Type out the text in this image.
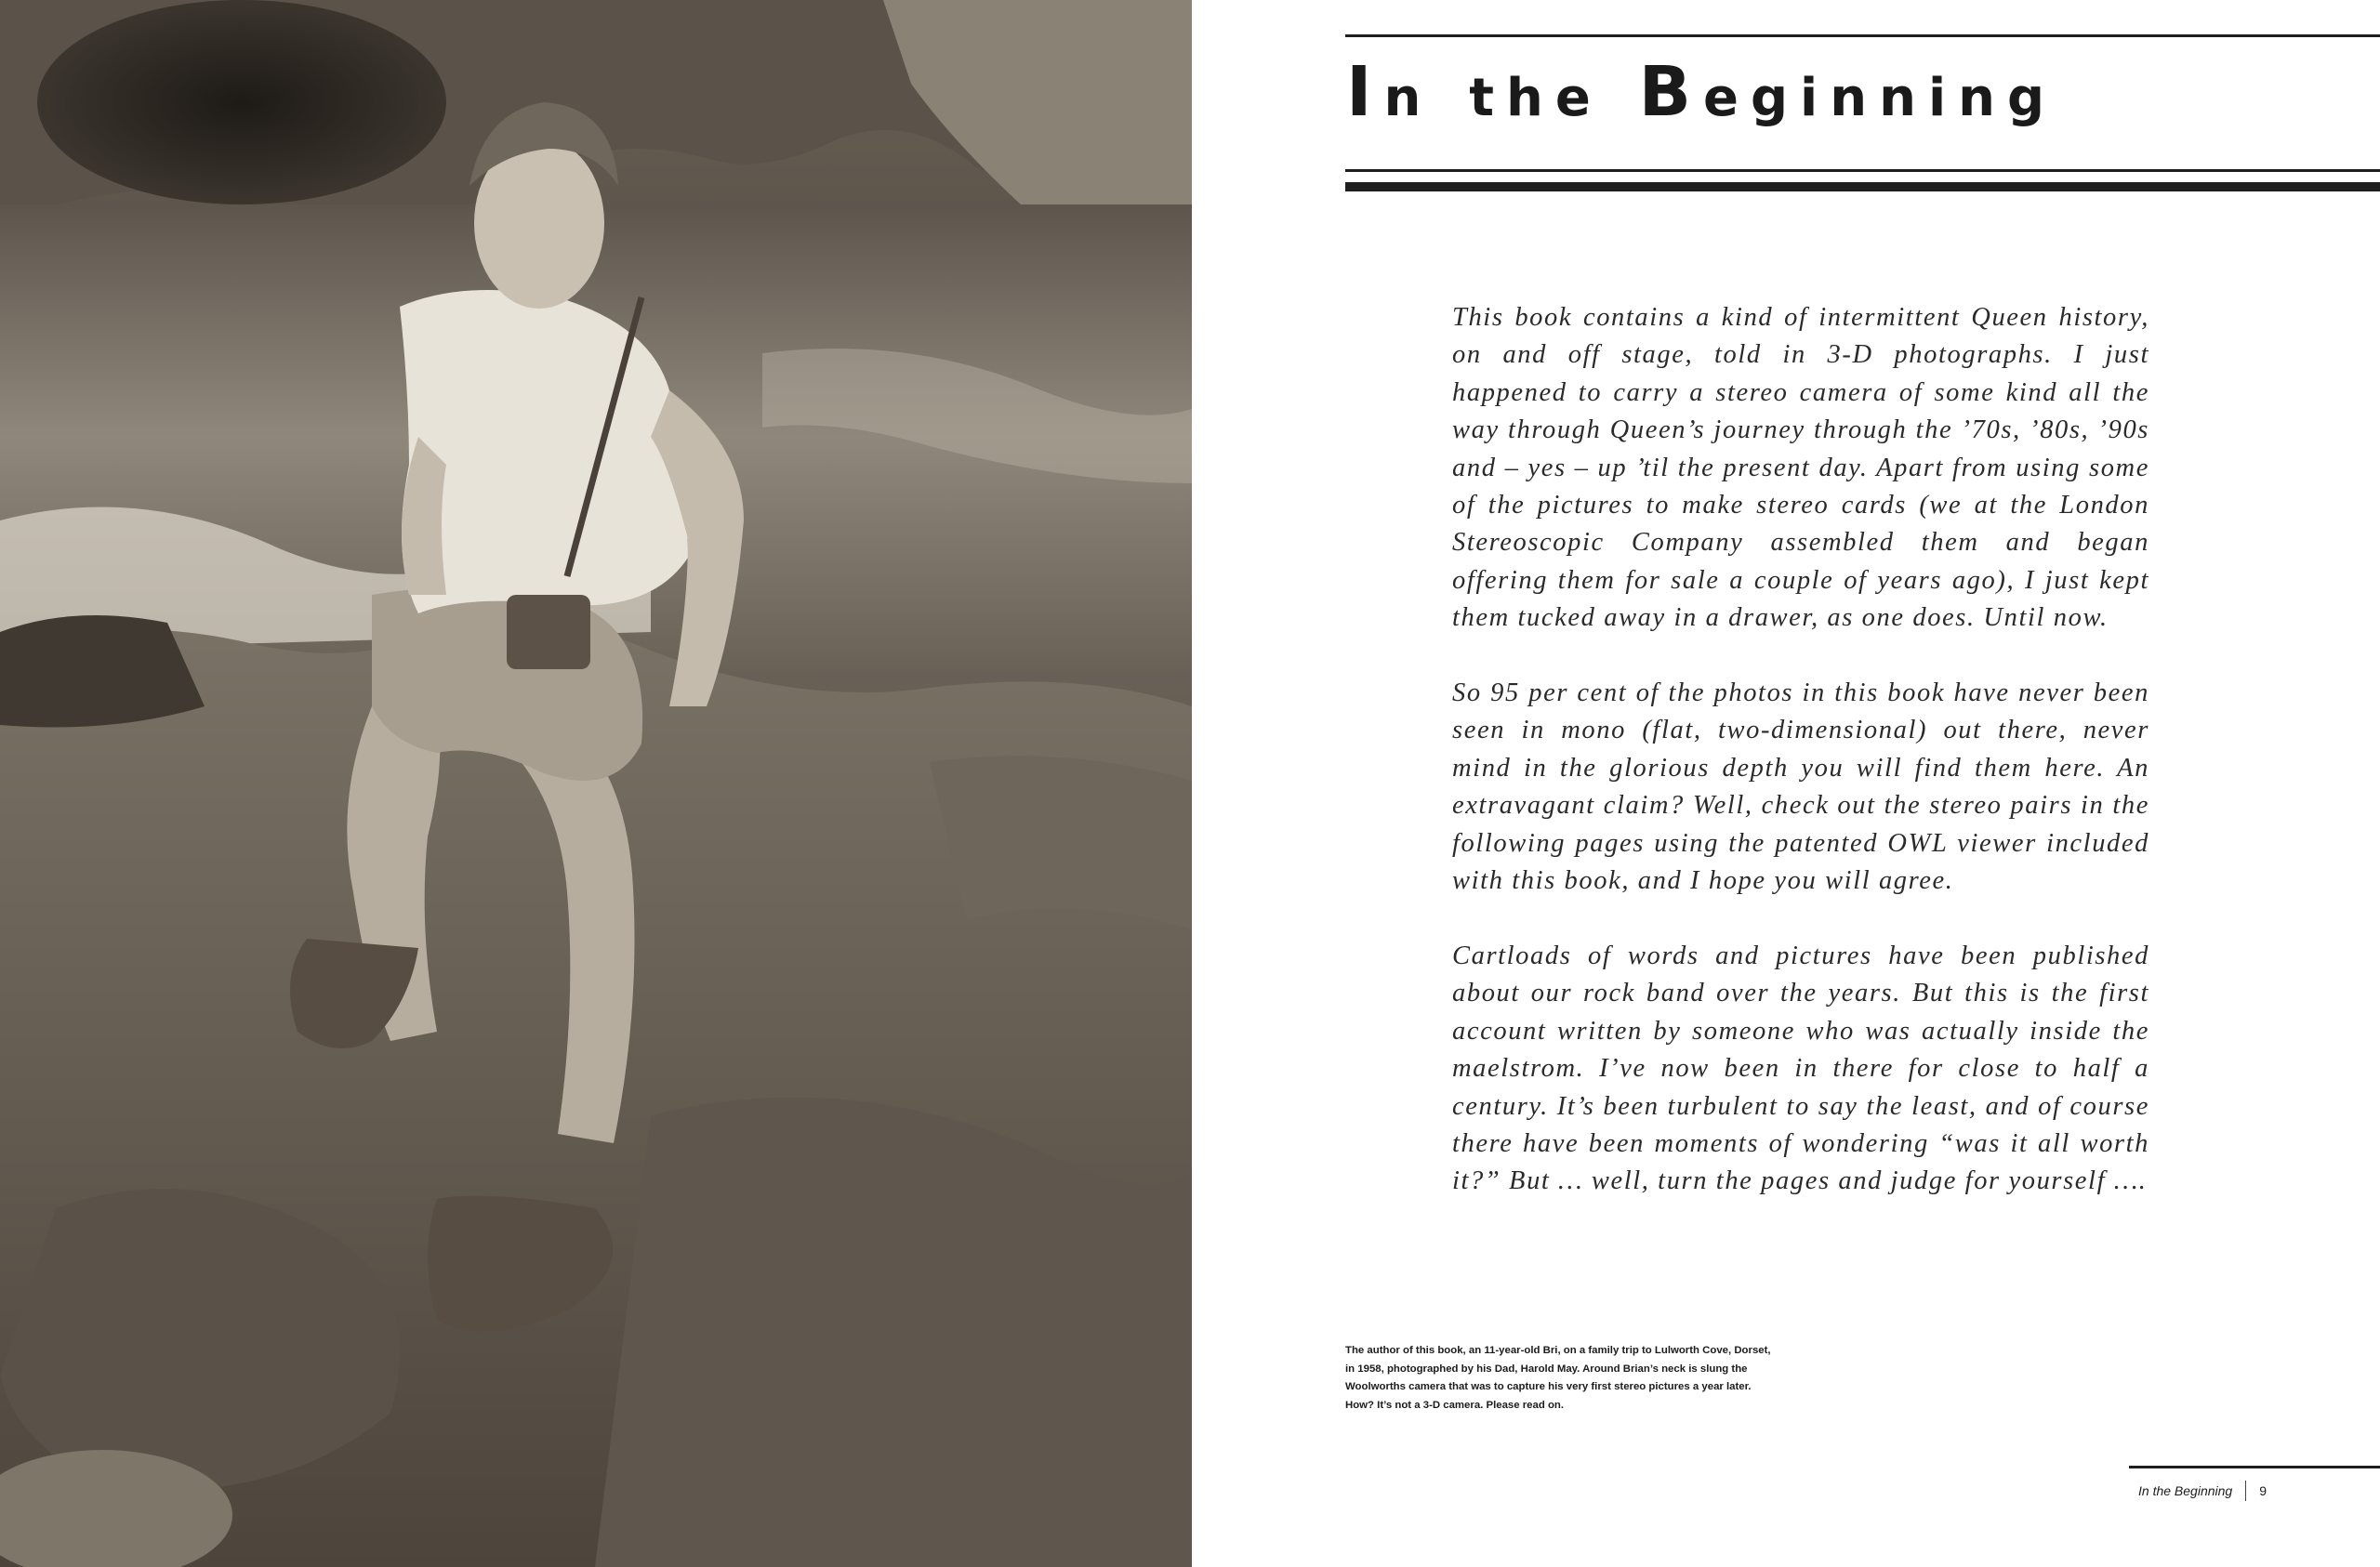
In the Beginning

This book contains a kind of intermittent Queen history, on and off stage, told in 3-D photographs. I just happened to carry a stereo camera of some kind all the way through Queen’s journey through the ’70s, ’80s, ’90s and – yes – up ’til the present day. Apart from using some of the pictures to make stereo cards (we at the London Stereoscopic Company assembled them and began offering them for sale a couple of years ago), I just kept them tucked away in a drawer, as one does. Until now.

So 95 per cent of the photos in this book have never been seen in mono (flat, two-dimensional) out there, never mind in the glorious depth you will find them here. An extravagant claim? Well, check out the stereo pairs in the following pages using the patented OWL viewer included with this book, and I hope you will agree.

Cartloads of words and pictures have been published about our rock band over the years. But this is the first account written by someone who was actually inside the maelstrom. I’ve now been in there for close to half a century. It’s been turbulent to say the least, and of course there have been moments of wondering “was it all worth it?” But … well, turn the pages and judge for yourself ….

The author of this book, an 11-year-old Bri, on a family trip to Lulworth Cove, Dorset, in 1958, photographed by his Dad, Harold May. Around Brian’s neck is slung the Woolworths camera that was to capture his very first stereo pictures a year later. How? It’s not a 3-D camera. Please read on.

In the Beginning 9
